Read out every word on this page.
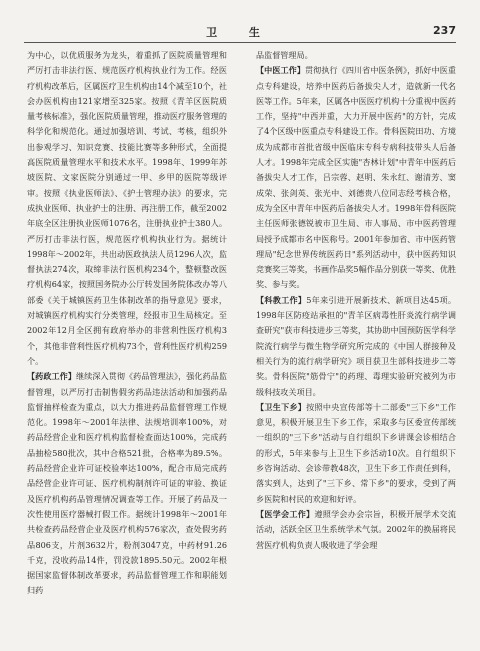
卫 生	237

为中心，以优质服务为龙头，着重抓了医院质量管理和严厉打击非法行医、规范医疗机构执业行为工作。经医疗机构改革后，区属医疗卫生机构由14个减至10个，社会办医机构由121家增至325家。按照《青羊区医院质量考核标准》，强化医院质量管理，推动医疗服务管理的科学化和规范化。通过加强培训、考试、考核，组织外出参观学习、知识竞赛、技能比赛等多种形式，全面提高医院质量管理水平和技术水平。1998年、1999年苏坡医院、文家医院分别通过一甲、乡甲的医院等级评审。按照《执业医师法》、《护士管理办法》的要求，完成执业医师、执业护士的注册、再注册工作，截至2002年底全区注册执业医师1076名，注册执业护士380人。严厉打击非法行医，规范医疗机构执业行为。据统计1998年～2002年，共出动医政执法人员1296人次，监督执法274次，取缔非法行医机构234个，整顿整改医疗机构64家，按照国务院办公厅转发国务院体改办等八部委《关于城镇医药卫生体制改革的指导意见》要求，对城镇医疗机构实行分类管理，经报市卫生局核定。至2002年12月全区拥有政府举办的非营利性医疗机构3个，其他非营利性医疗机构73个，营利性医疗机构259个。

【药政工作】继续深入贯彻《药品管理法》，强化药品监督管理，以严厉打击制售假劣药品违法活动和加强药品监督抽样检查为重点，以大力推进药品监督管理工作规范化。1998年～2001年法律、法规培训率100%，对药品经营企业和医疗机构监督检查面达100%，完成药品抽检580批次，其中合格521批，合格率为89.5%。药品经营企业许可证校验率达100%，配合市局完成药品经营企业许可证、医疗机构制剂许可证的审验、换证及医疗机构药品管理情况调查等工作。开展了药品及一次性使用医疗器械打假工作。据统计1998年～2001年共检查药品经营企业及医疗机构576家次，查处假劣药品806支，片剂3632片，粉剂3047克，中药材91.26千克，没收药品14件，罚没款1895.50元。2002年根据国家监督体制改革要求，药品监督管理工作和职能划归药

品监督管理局。

【中医工作】贯彻执行《四川省中医条例》，抓好中医重点专科建设，培养中医药后备拔尖人才，造就新一代名医等工作。5年来，区属各中医医疗机构十分重视中医药工作，坚持"中西并重，大力开展中医药"的方针，完成了4个区级中医重点专科建设工作。骨科医院田功、方境成为成都市首批省级中医临床专科专病科技带头人后备人才。1998年完成全区实施"杏林计划"中青年中医药后备拔尖人才工作，吕宗蓉、赵明、朱永红、谢清芳、窦成荣、张剑英、张光中、刘德贵八位同志经考核合格，成为全区中青年中医药后备拔尖人才。1998年骨科医院主任医师张德锐被市卫生局、市人事局、市中医药管理局授予成都市名中医称号。2001年参加省、市中医药管理局"纪念世界传统医药日"系列活动中，获中医药知识竞赛奖三等奖，书画作品奖5幅作品分别获一等奖、优胜奖、参与奖。

【科教工作】5年来引进开展新技术、新项目达45项。1998年区防疫站承担的"青羊区病毒性肝炎流行病学调查研究"获市科技进步三等奖，其协助中国预防医学科学院流行病学与微生物学研究所完成的《中国人群接种及相关行为的流行病学研究》项目获卫生部科技进步二等奖。骨科医院"筋骨宁"的药理、毒理实验研究被列为市级科技攻关项目。

【卫生下乡】按照中央宣传部等十二部委"三下乡"工作意见，积极开展卫生下乡工作，采取多与区委宣传部统一组织的"三下乡"活动与自行组织下乡讲课会诊相结合的形式，5年来参与上卫生下乡活动10次。自行组织下乡咨询活动、会诊带教48次，卫生下乡工作责任到科，落实到人，达到了"三下乡、常下乡"的要求，受到了两乡医院和村民的欢迎和好评。

【医学会工作】遵照学会办会宗旨，积极开展学术交流活动，活跃全区卫生系统学术气氛。2002年的换届将民营医疗机构负责人吸收进了学会理
